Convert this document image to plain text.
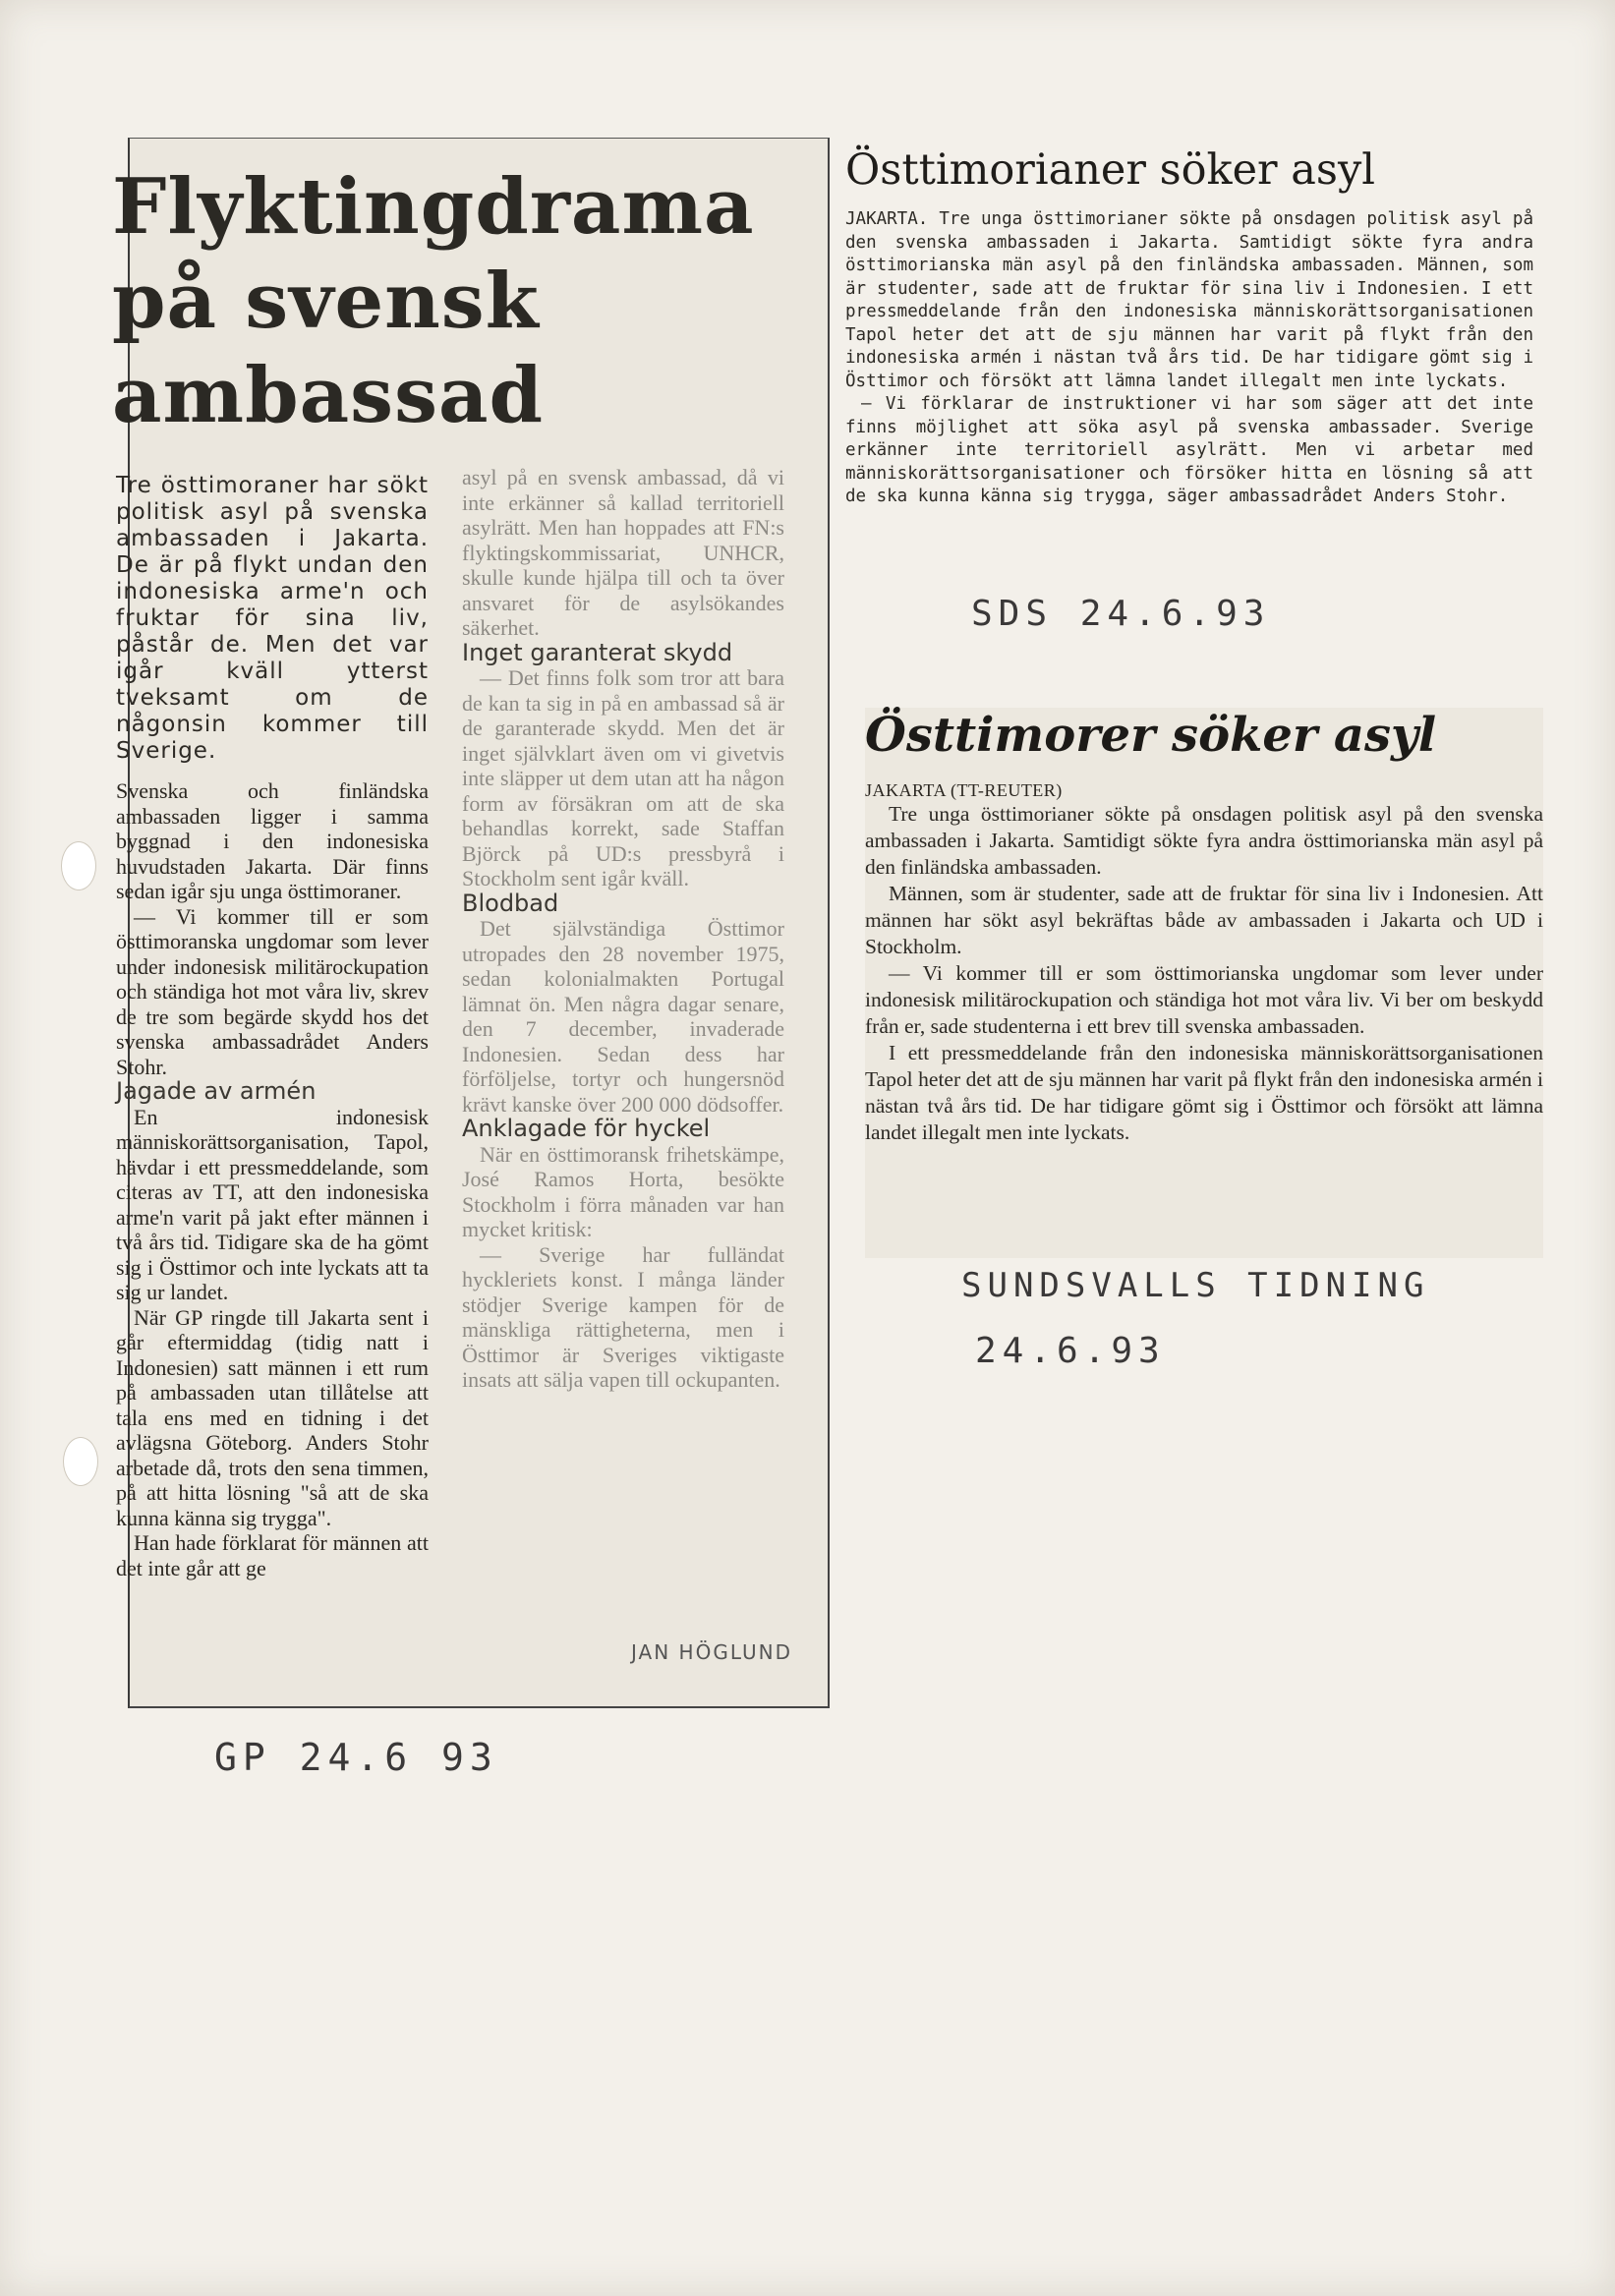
Flyktingdrama

på svensk

ambassad

Tre östtimoraner har sökt politisk asyl på svenska ambassaden i Jakarta. De är på flykt undan den indonesiska arme'n och fruktar för sina liv, påstår de. Men det var igår kväll ytterst tveksamt om de någonsin kommer till Sverige.

Svenska och finländska ambassaden ligger i samma byggnad i den indonesiska huvudstaden Jakarta. Där finns sedan igår sju unga östtimoraner.

— Vi kommer till er som östtimoranska ungdomar som lever under indonesisk militärockupation och ständiga hot mot våra liv, skrev de tre som begärde skydd hos det svenska ambassadrådet Anders Stohr.

Jagade av armén

En indonesisk människorättsorganisation, Tapol, hävdar i ett pressmeddelande, som citeras av TT, att den indonesiska arme'n varit på jakt efter männen i två års tid. Tidigare ska de ha gömt sig i Östtimor och inte lyckats att ta sig ur landet.

När GP ringde till Jakarta sent i går eftermiddag (tidig natt i Indonesien) satt männen i ett rum på ambassaden utan tillåtelse att tala ens med en tidning i det avlägsna Göteborg. Anders Stohr arbetade då, trots den sena timmen, på att hitta lösning "så att de ska kunna känna sig trygga".

Han hade förklarat för männen att det inte går att ge

asyl på en svensk ambassad, då vi inte erkänner så kallad territoriell asylrätt. Men han hoppades att FN:s flyktingskommissariat, UNHCR, skulle kunde hjälpa till och ta över ansvaret för de asylsökandes säkerhet.

Inget garanterat skydd

— Det finns folk som tror att bara de kan ta sig in på en ambassad så är de garanterade skydd. Men det är inget självklart även om vi givetvis inte släpper ut dem utan att ha någon form av försäkran om att de ska behandlas korrekt, sade Staffan Björck på UD:s pressbyrå i Stockholm sent igår kväll.

Blodbad

Det självständiga Östtimor utropades den 28 november 1975, sedan kolonialmakten Portugal lämnat ön. Men några dagar senare, den 7 december, invaderade Indonesien. Sedan dess har förföljelse, tortyr och hungersnöd krävt kanske över 200 000 dödsoffer.

Anklagade för hyckel

När en östtimoransk frihetskämpe, José Ramos Horta, besökte Stockholm i förra månaden var han mycket kritisk:

— Sverige har fulländat hyckleriets konst. I många länder stödjer Sverige kampen för de mänskliga rättigheterna, men i Östtimor är Sveriges viktigaste insats att sälja vapen till ockupanten.

JAN HÖGLUND
GP 24.6 93

Östtimorianer söker asyl

JAKARTA. Tre unga östtimorianer sökte på onsdagen politisk asyl på den svenska ambassaden i Jakarta. Samtidigt sökte fyra andra östtimorianska män asyl på den finländska ambassaden. Männen, som är studenter, sade att de fruktar för sina liv i Indonesien. I ett pressmeddelande från den indonesiska människorättsorganisationen Tapol heter det att de sju männen har varit på flykt från den indonesiska armén i nästan två års tid. De har tidigare gömt sig i Östtimor och försökt att lämna landet illegalt men inte lyckats.

— Vi förklarar de instruktioner vi har som säger att det inte finns möjlighet att söka asyl på svenska ambassader. Sverige erkänner inte territoriell asylrätt. Men vi arbetar med människorättsorganisationer och försöker hitta en lösning så att de ska kunna känna sig trygga, säger ambassadrådet Anders Stohr.

SDS 24.6.93

Östtimorer söker asyl

JAKARTA (TT-REUTER)

Tre unga östtimorianer sökte på onsdagen politisk asyl på den svenska ambassaden i Jakarta. Samtidigt sökte fyra andra östtimorianska män asyl på den finländska ambassaden.

Männen, som är studenter, sade att de fruktar för sina liv i Indonesien. Att männen har sökt asyl bekräftas både av ambassaden i Jakarta och UD i Stockholm.

— Vi kommer till er som östtimorianska ungdomar som lever under indonesisk militärockupation och ständiga hot mot våra liv. Vi ber om beskydd från er, sade studenterna i ett brev till svenska ambassaden.

I ett pressmeddelande från den indonesiska människorättsorganisationen Tapol heter det att de sju männen har varit på flykt från den indonesiska armén i nästan två års tid. De har tidigare gömt sig i Östtimor och försökt att lämna landet illegalt men inte lyckats.

SUNDSVALLS TIDNING
24.6.93
